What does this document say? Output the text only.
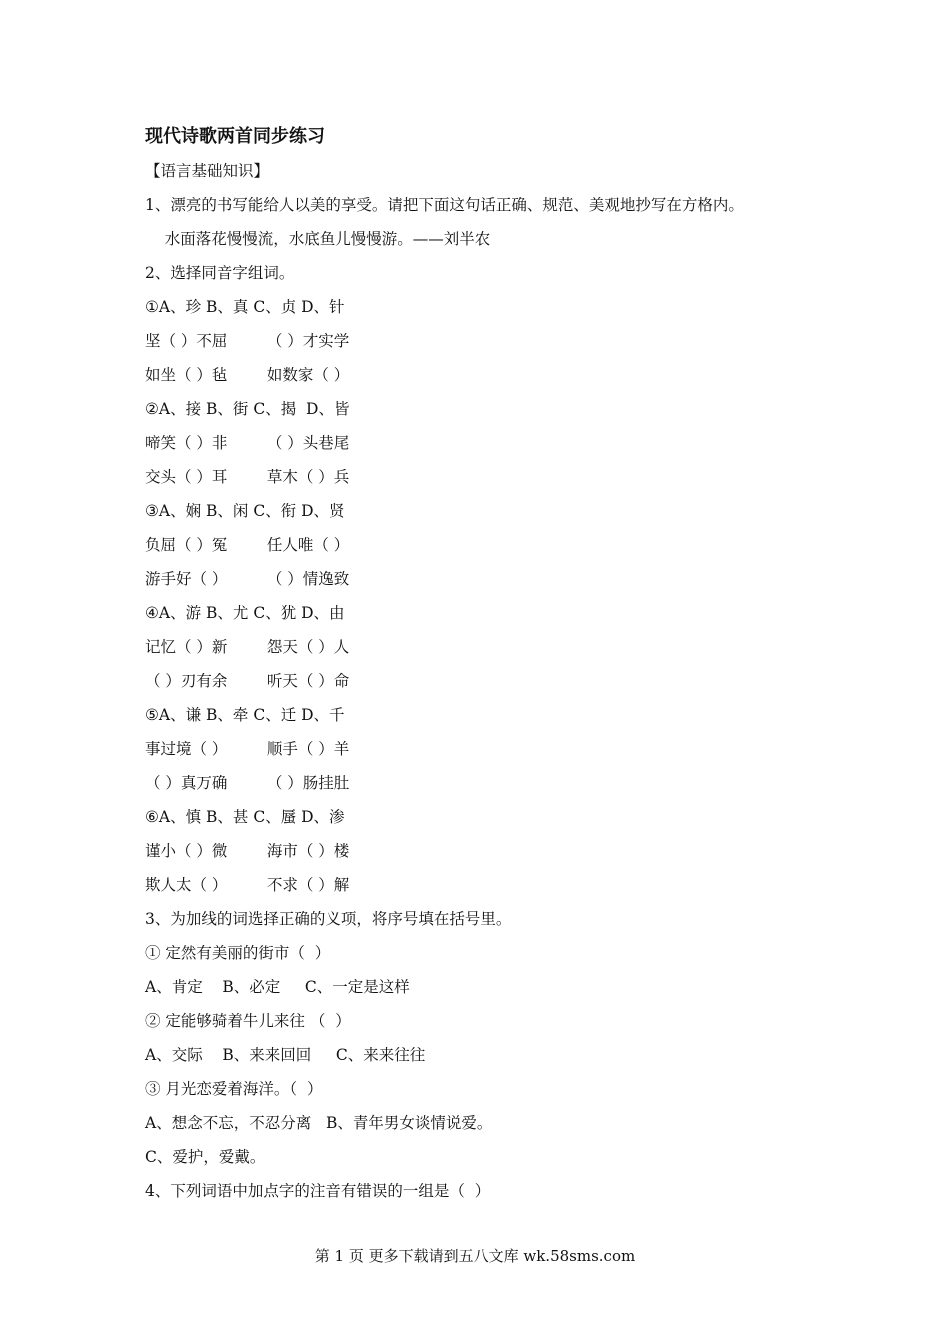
现代诗歌两首同步练习
【语言基础知识】
1、漂亮的书写能给人以美的享受。请把下面这句话正确、规范、美观地抄写在方格内。
水面落花慢慢流，水底鱼儿慢慢游。——刘半农
2、选择同音字组词。
①A、珍 B、真 C、贞 D、针
坚（ ）不屈        （ ）才实学
如坐（ ）毡        如数家（ ）
②A、接 B、街 C、揭  D、皆
啼笑（ ）非        （ ）头巷尾
交头（ ）耳        草木（ ）兵
③A、娴 B、闲 C、衔 D、贤
负屈（ ）冤        任人唯（ ）
游手好（ ）        （ ）情逸致
④A、游 B、尤 C、犹 D、由
记忆（ ）新        怨天（ ）人
（ ）刃有余        听天（ ）命
⑤A、谦 B、牵 C、迁 D、千
事过境（ ）        顺手（ ）羊
（ ）真万确        （ ）肠挂肚
⑥A、慎 B、甚 C、蜃 D、渗
谨小（ ）微        海市（ ）楼
欺人太（ ）        不求（ ）解
3、为加线的词选择正确的义项，将序号填在括号里。
① 定然有美丽的街市（  ）
A、肯定    B、必定     C、一定是这样
② 定能够骑着牛儿来往 （  ）
A、交际    B、来来回回     C、来来往往
③ 月光恋爱着海洋。（  ）
A、想念不忘，不忍分离   B、青年男女谈情说爱。
C、爱护，爱戴。
4、下列词语中加点字的注音有错误的一组是（  ）
第 1 页 更多下载请到五八文库 wk.58sms.com
